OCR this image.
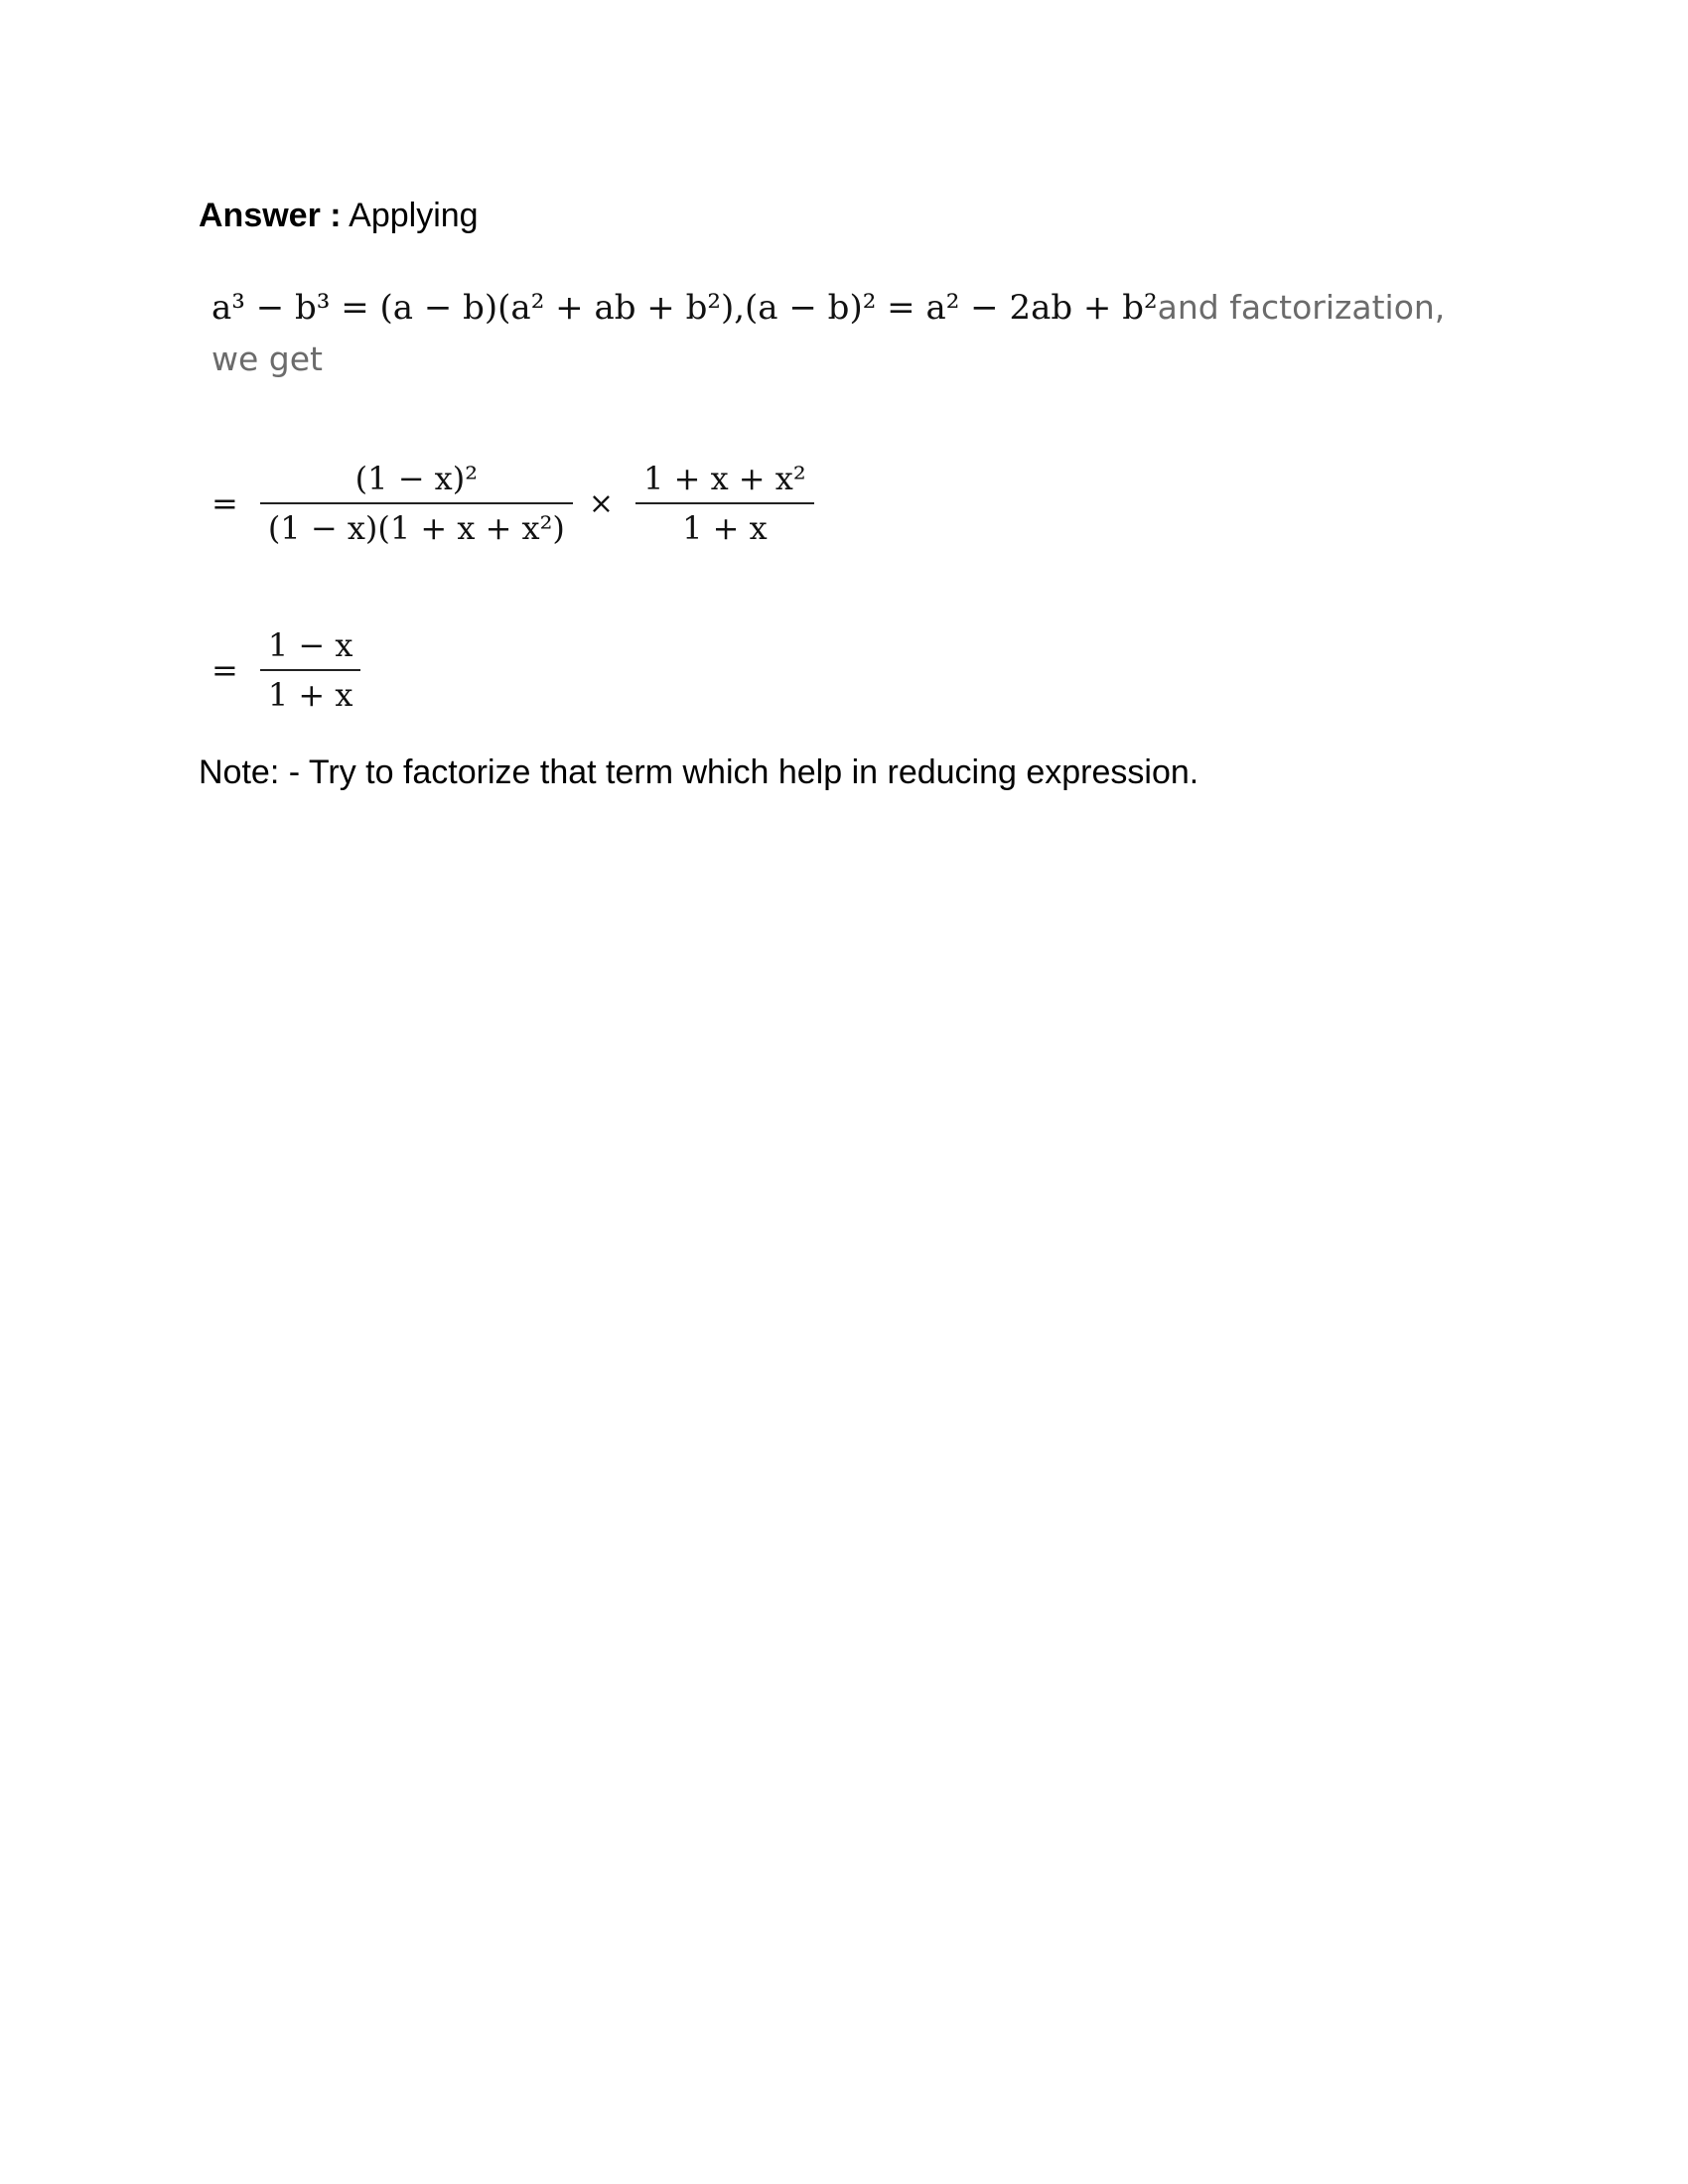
Answer : Applying
a³ − b³ = (a − b)(a² + ab + b²),(a − b)² = a² − 2ab + b²and factorization, we get
= $\frac{\text{(1 − x)²}}{\text{(1 − x)(1 + x + x²)}} \times \frac{\text{1 + x + x²}}{1 + x}$
= $\frac{1 - x}{1 + x}$
Note: - Try to factorize that term which help in reducing expression.
